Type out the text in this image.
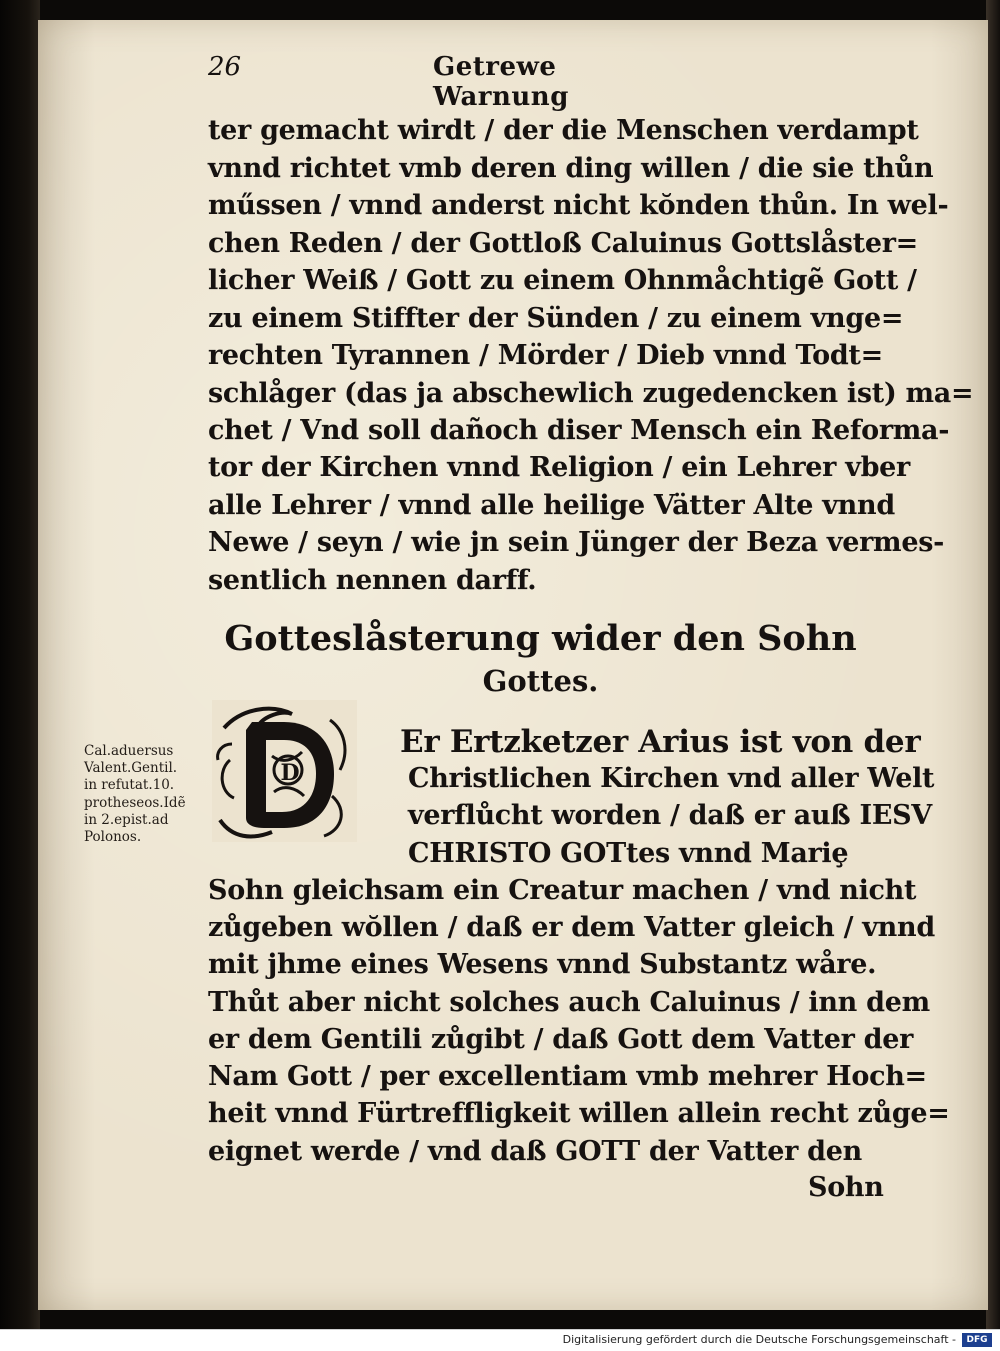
26	Getrewe Warnung
ter gemacht wirdt / der die Menschen verdampt
vnnd richtet vmb deren ding willen / die sie thůn
műssen / vnnd anderst nicht kŏnden thůn. In wel-
chen Reden / der Gottloß Caluinus Gottslåster=
licher Weiß / Gott zu einem Ohnmåchtigẽ Gott /
zu einem Stiffter der Sünden / zu einem vnge=
rechten Tyrannen / Mörder / Dieb vnnd Todt=
schlåger (das ja abschewlich zugedencken ist) ma=
chet / Vnd soll dañoch diser Mensch ein Reforma-
tor der Kirchen vnnd Religion / ein Lehrer vber
alle Lehrer / vnnd alle heilige Vätter Alte vnnd
Newe / seyn / wie jn sein Jünger der Beza vermes-
sentlich nennen darff.
Gotteslåsterung wider den Sohn
Gottes.
D
Er Ertzketzer Arius ist von der
Christlichen Kirchen vnd aller Welt
verflůcht worden / daß er auß IESV
CHRISTO GOTtes vnnd Mariȩ
Sohn gleichsam ein Creatur machen / vnd nicht
zůgeben wŏllen / daß er dem Vatter gleich / vnnd
mit jhme eines Wesens vnnd Substantz wåre.
Thůt aber nicht solches auch Caluinus / inn dem
er dem Gentili zůgibt / daß Gott dem Vatter der
Nam Gott / per excellentiam vmb mehrer Hoch=
heit vnnd Fürtreffligkeit willen allein recht zůge=
eignet werde / vnd daß GOTT der Vatter den
Sohn
Cal.aduersus
Valent.Gentil.
in refutat.10.
protheseos.Idẽ
in 2.epist.ad
Polonos.
Digitalisierung gefördert durch die Deutsche Forschungsgemeinschaft -	DFG
